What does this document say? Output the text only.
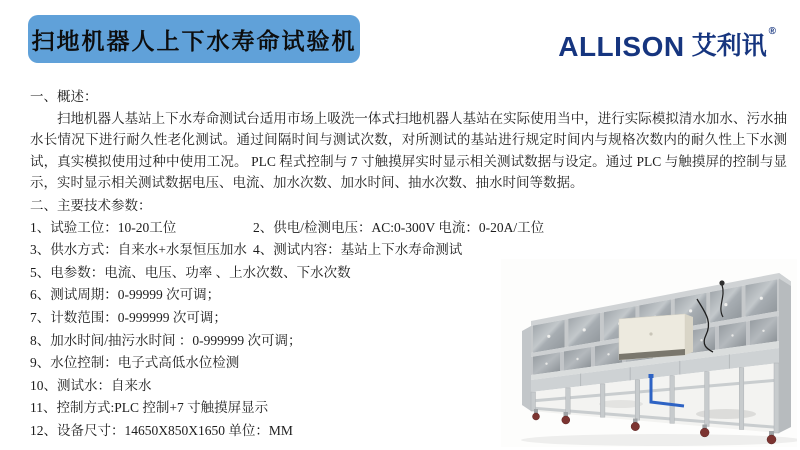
扫地机器人上下水寿命试验机	ALLISON 艾利讯
®
一、概述：

扫地机器人基站上下水寿命测试台适用市场上吸洗一体式扫地机器人基站在实际使用当中，进行实际模拟清水加水、污水抽水长情况下进行耐久性老化测试。通过间隔时间与测试次数，对所测试的基站进行规定时间内与规格次数内的耐久性上下水测试，真实模拟使用过种中使用工况。 PLC 程式控制与 7 寸触摸屏实时显示相关测试数据与设定。通过 PLC 与触摸屏的控制与显示，实时显示相关测试数据电压、电流、加水次数、加水时间、抽水次数、抽水时间等数据。

二、主要技术参数：
1、试验工位：10-20工位	2、供电/检测电压：AC:0-300V 电流：0-20A/工位
3、供水方式：自来水+水泵恒压加水 4、测试内容：基站上下水寿命测试
5、电参数：电流、电压、功率 、上水次数、下水次数
6、测试周期：0-99999 次可调；
7、计数范围：0-999999 次可调；
8、加水时间/抽污水时间 ：0-999999 次可调；
9、水位控制：电子式高低水位检测
10、测试水：自来水
11、控制方式:PLC 控制+7 寸触摸屏显示
12、设备尺寸：14650X850X1650 单位：MM
